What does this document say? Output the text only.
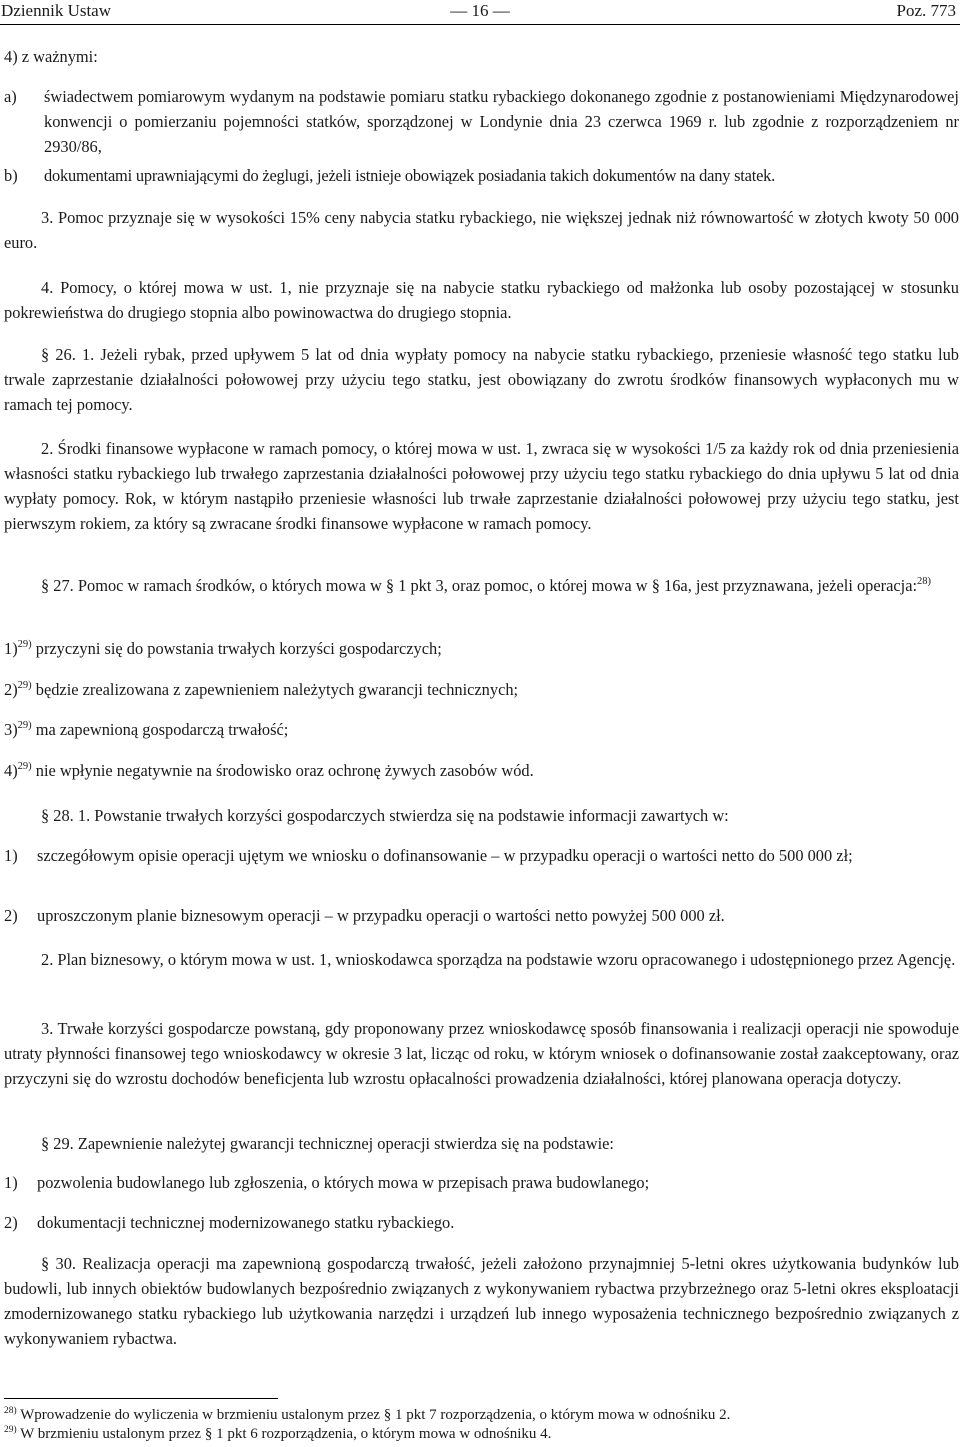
Dziennik Ustaw	— 16 —	Poz. 773

4) z ważnymi:

a) świadectwem pomiarowym wydanym na podstawie pomiaru statku rybackiego dokonanego zgodnie z postanowieniami Międzynarodowej konwencji o pomierzaniu pojemności statków, sporządzonej w Londynie dnia 23 czerwca 1969 r. lub zgodnie z rozporządzeniem nr 2930/86,

b) dokumentami uprawniającymi do żeglugi, jeżeli istnieje obowiązek posiadania takich dokumentów na dany statek.

3. Pomoc przyznaje się w wysokości 15% ceny nabycia statku rybackiego, nie większej jednak niż równowartość w złotych kwoty 50 000 euro.

4. Pomocy, o której mowa w ust. 1, nie przyznaje się na nabycie statku rybackiego od małżonka lub osoby pozostającej w stosunku pokrewieństwa do drugiego stopnia albo powinowactwa do drugiego stopnia.

§ 26. 1. Jeżeli rybak, przed upływem 5 lat od dnia wypłaty pomocy na nabycie statku rybackiego, przeniesie własność tego statku lub trwale zaprzestanie działalności połowowej przy użyciu tego statku, jest obowiązany do zwrotu środków finansowych wypłaconych mu w ramach tej pomocy.

2. Środki finansowe wypłacone w ramach pomocy, o której mowa w ust. 1, zwraca się w wysokości 1/5 za każdy rok od dnia przeniesienia własności statku rybackiego lub trwałego zaprzestania działalności połowowej przy użyciu tego statku rybackiego do dnia upływu 5 lat od dnia wypłaty pomocy. Rok, w którym nastąpiło przeniesie własności lub trwałe zaprzestanie działalności połowowej przy użyciu tego statku, jest pierwszym rokiem, za który są zwracane środki finansowe wypłacone w ramach pomocy.

§ 27. Pomoc w ramach środków, o których mowa w § 1 pkt 3, oraz pomoc, o której mowa w § 16a, jest przyznawana, jeżeli operacja:$^{28)}$

1)$^{29)}$ przyczyni się do powstania trwałych korzyści gospodarczych;

2)$^{29)}$ będzie zrealizowana z zapewnieniem należytych gwarancji technicznych;

3)$^{29)}$ ma zapewnioną gospodarczą trwałość;

4)$^{29)}$ nie wpłynie negatywnie na środowisko oraz ochronę żywych zasobów wód.

§ 28. 1. Powstanie trwałych korzyści gospodarczych stwierdza się na podstawie informacji zawartych w:

1) szczegółowym opisie operacji ujętym we wniosku o dofinansowanie – w przypadku operacji o wartości netto do 500 000 zł;

2) uproszczonym planie biznesowym operacji – w przypadku operacji o wartości netto powyżej 500 000 zł.

2. Plan biznesowy, o którym mowa w ust. 1, wnioskodawca sporządza na podstawie wzoru opracowanego i udostępnionego przez Agencję.

3. Trwałe korzyści gospodarcze powstaną, gdy proponowany przez wnioskodawcę sposób finansowania i realizacji operacji nie spowoduje utraty płynności finansowej tego wnioskodawcy w okresie 3 lat, licząc od roku, w którym wniosek o dofinansowanie został zaakceptowany, oraz przyczyni się do wzrostu dochodów beneficjenta lub wzrostu opłacalności prowadzenia działalności, której planowana operacja dotyczy.

§ 29. Zapewnienie należytej gwarancji technicznej operacji stwierdza się na podstawie:

1) pozwolenia budowlanego lub zgłoszenia, o których mowa w przepisach prawa budowlanego;

2) dokumentacji technicznej modernizowanego statku rybackiego.

§ 30. Realizacja operacji ma zapewnioną gospodarczą trwałość, jeżeli założono przynajmniej 5-letni okres użytkowania budynków lub budowli, lub innych obiektów budowlanych bezpośrednio związanych z wykonywaniem rybactwa przybrzeżnego oraz 5-letni okres eksploatacji zmodernizowanego statku rybackiego lub użytkowania narzędzi i urządzeń lub innego wyposażenia technicznego bezpośrednio związanych z wykonywaniem rybactwa.

$^{28)}$ Wprowadzenie do wyliczenia w brzmieniu ustalonym przez § 1 pkt 7 rozporządzenia, o którym mowa w odnośniku 2.

$^{29)}$ W brzmieniu ustalonym przez § 1 pkt 6 rozporządzenia, o którym mowa w odnośniku 4.
